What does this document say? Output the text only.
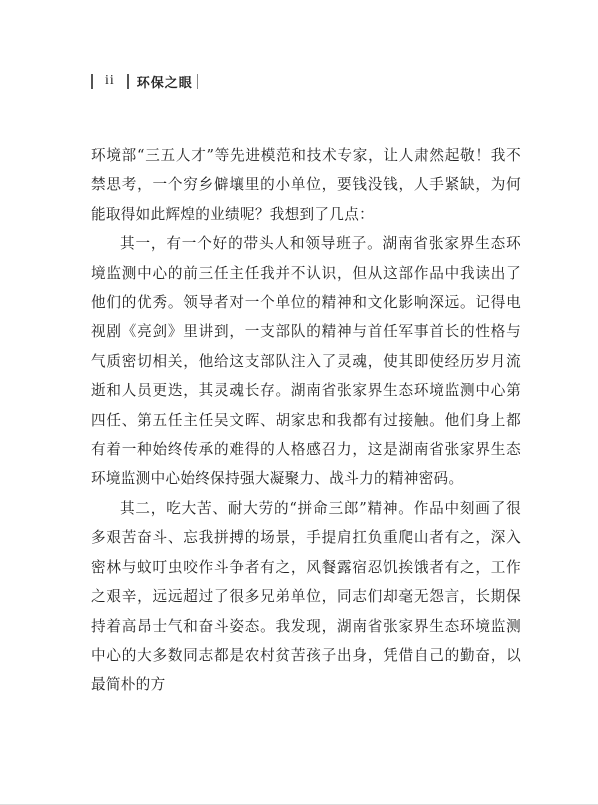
ii 环保之眼

环境部“三五人才”等先进模范和技术专家，让人肃然起敬！我不禁思考，一个穷乡僻壤里的小单位，要钱没钱，人手紧缺，为何能取得如此辉煌的业绩呢？我想到了几点：

其一，有一个好的带头人和领导班子。湖南省张家界生态环境监测中心的前三任主任我并不认识，但从这部作品中我读出了他们的优秀。领导者对一个单位的精神和文化影响深远。记得电视剧《亮剑》里讲到，一支部队的精神与首任军事首长的性格与气质密切相关，他给这支部队注入了灵魂，使其即使经历岁月流逝和人员更迭，其灵魂长存。湖南省张家界生态环境监测中心第四任、第五任主任吴文晖、胡家忠和我都有过接触。他们身上都有着一种始终传承的难得的人格感召力，这是湖南省张家界生态环境监测中心始终保持强大凝聚力、战斗力的精神密码。

其二，吃大苦、耐大劳的“拼命三郎”精神。作品中刻画了很多艰苦奋斗、忘我拼搏的场景，手提肩扛负重爬山者有之，深入密林与蚊叮虫咬作斗争者有之，风餐露宿忍饥挨饿者有之，工作之艰辛，远远超过了很多兄弟单位，同志们却毫无怨言，长期保持着高昂士气和奋斗姿态。我发现，湖南省张家界生态环境监测中心的大多数同志都是农村贫苦孩子出身，凭借自己的勤奋，以最简朴的方
